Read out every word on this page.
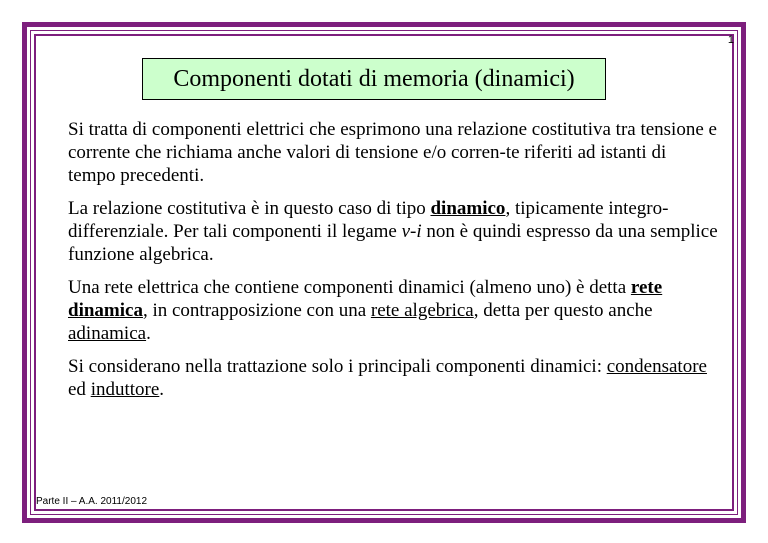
1
Componenti dotati di memoria (dinamici)

Si tratta di componenti elettrici che esprimono una relazione costitutiva tra tensione e corrente che richiama anche valori di tensione e/o corren-te riferiti ad istanti di tempo precedenti.

La relazione costitutiva è in questo caso di tipo dinamico, tipicamente integro-differenziale. Per tali componenti il legame v-i non è quindi espresso da una semplice funzione algebrica.

Una rete elettrica che contiene componenti dinamici (almeno uno) è detta rete dinamica, in contrapposizione con una rete algebrica, detta per questo anche adinamica.

Si considerano nella trattazione solo i principali componenti dinamici: condensatore ed induttore.

Parte II – A.A. 2011/2012
